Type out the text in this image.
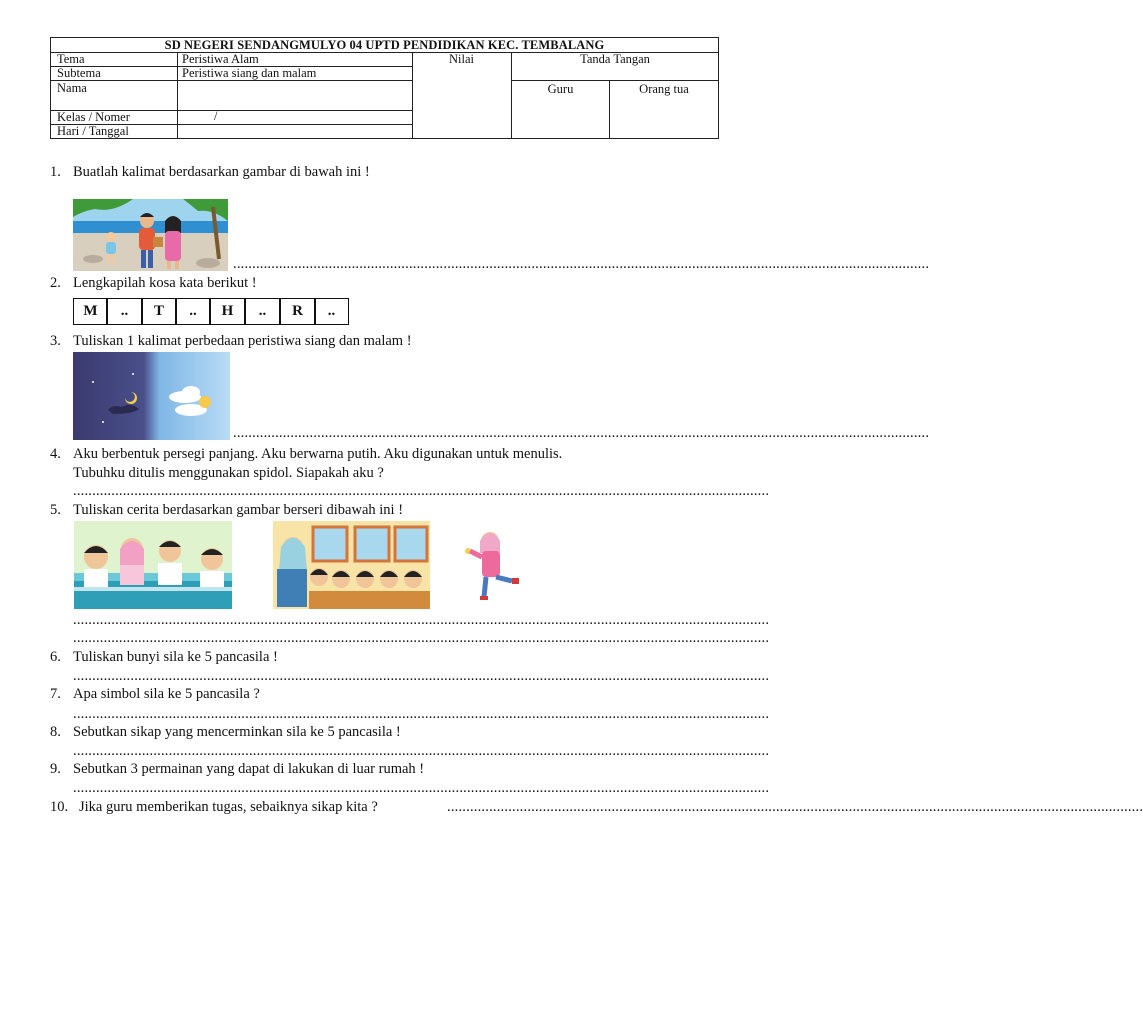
SD NEGERI SENDANGMULYO 04 UPTD PENDIDIKAN KEC. TEMBALANG
Tema	Peristiwa Alam
Subtema	Peristiwa siang dan malam
Nama
Kelas / Nomer	/
Hari / Tanggal
Nilai	Tanda Tangan
Guru	Orang tua
1. Buatlah kalimat berdasarkan gambar di bawah ini !
......................................................................................................................................................................................
2. Lengkapilah kosa kata berikut !
M	..	T	..	H	..	R	..
3. Tuliskan 1 kalimat perbedaan peristiwa siang dan malam !
......................................................................................................................................................................................
4. Aku berbentuk persegi panjang. Aku berwarna putih. Aku digunakan untuk menulis.
Tubuhku ditulis menggunakan spidol. Siapakah aku ?
......................................................................................................................................................................................
5. Tuliskan cerita berdasarkan gambar berseri dibawah ini !
......................................................................................................................................................................................
......................................................................................................................................................................................
6. Tuliskan bunyi sila ke 5 pancasila !
......................................................................................................................................................................................
7. Apa simbol sila ke 5 pancasila ?
......................................................................................................................................................................................
8. Sebutkan sikap yang mencerminkan sila ke 5 pancasila !
......................................................................................................................................................................................
9. Sebutkan 3 permainan yang dapat di lakukan di luar rumah !
......................................................................................................................................................................................
10. Jika guru memberikan tugas, sebaiknya sikap kita ?	......................................................................................................................................................................................
